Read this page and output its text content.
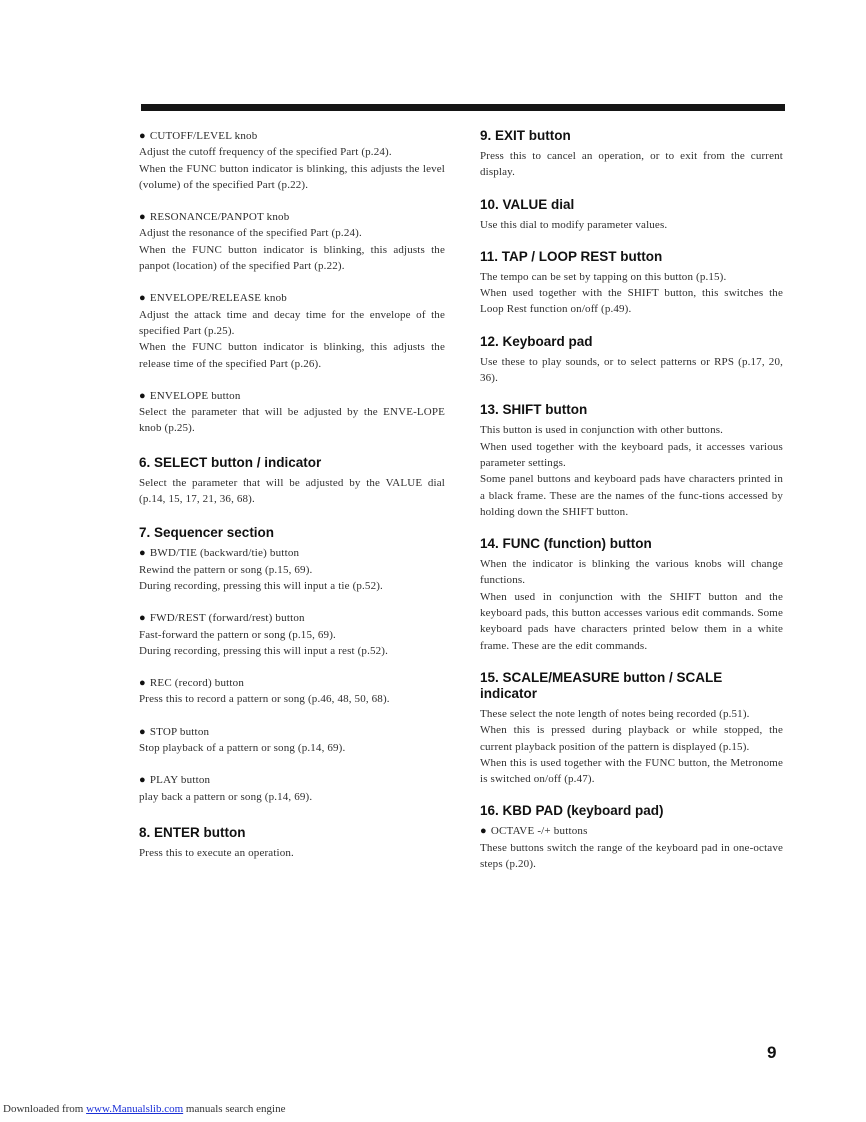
● CUTOFF/LEVEL knob

Adjust the cutoff frequency of the specified Part (p.24).

When the FUNC button indicator is blinking, this adjusts the level (volume) of the specified Part (p.22).

● RESONANCE/PANPOT knob

Adjust the resonance of the specified Part (p.24).

When the FUNC button indicator is blinking, this adjusts the panpot (location) of the specified Part (p.22).

● ENVELOPE/RELEASE knob

Adjust the attack time and decay time for the envelope of the specified Part (p.25).

When the FUNC button indicator is blinking, this adjusts the release time of the specified Part (p.26).

● ENVELOPE button

Select the parameter that will be adjusted by the ENVE-LOPE knob (p.25).

6. SELECT button / indicator

Select the parameter that will be adjusted by the VALUE dial (p.14, 15, 17, 21, 36, 68).

7. Sequencer section
● BWD/TIE (backward/tie) button

Rewind the pattern or song (p.15, 69).

During recording, pressing this will input a tie (p.52).

● FWD/REST (forward/rest) button

Fast-forward the pattern or song (p.15, 69).

During recording, pressing this will input a rest (p.52).

● REC (record) button

Press this to record a pattern or song (p.46, 48, 50, 68).

● STOP button

Stop playback of a pattern or song (p.14, 69).

● PLAY button

play back a pattern or song (p.14, 69).

8. ENTER button

Press this to execute an operation.

9. EXIT button

Press this to cancel an operation, or to exit from the current display.

10. VALUE dial

Use this dial to modify parameter values.

11. TAP / LOOP REST button

The tempo can be set by tapping on this button (p.15).

When used together with the SHIFT button, this switches the Loop Rest function on/off (p.49).

12. Keyboard pad

Use these to play sounds, or to select patterns or RPS (p.17, 20, 36).

13. SHIFT button

This button is used in conjunction with other buttons.

When used together with the keyboard pads, it accesses various parameter settings.

Some panel buttons and keyboard pads have characters printed in a black frame. These are the names of the func-tions accessed by holding down the SHIFT button.

14. FUNC (function) button

When the indicator is blinking the various knobs will change functions.

When used in conjunction with the SHIFT button and the keyboard pads, this button accesses various edit commands. Some keyboard pads have characters printed below them in a white frame. These are the edit commands.

15. SCALE/MEASURE button / SCALE indicator

These select the note length of notes being recorded (p.51).

When this is pressed during playback or while stopped, the current playback position of the pattern is displayed (p.15).

When this is used together with the FUNC button, the Metronome is switched on/off (p.47).

16. KBD PAD (keyboard pad)
● OCTAVE -/+ buttons

These buttons switch the range of the keyboard pad in one-octave steps (p.20).

9
Downloaded from www.Manualslib.com manuals search engine
